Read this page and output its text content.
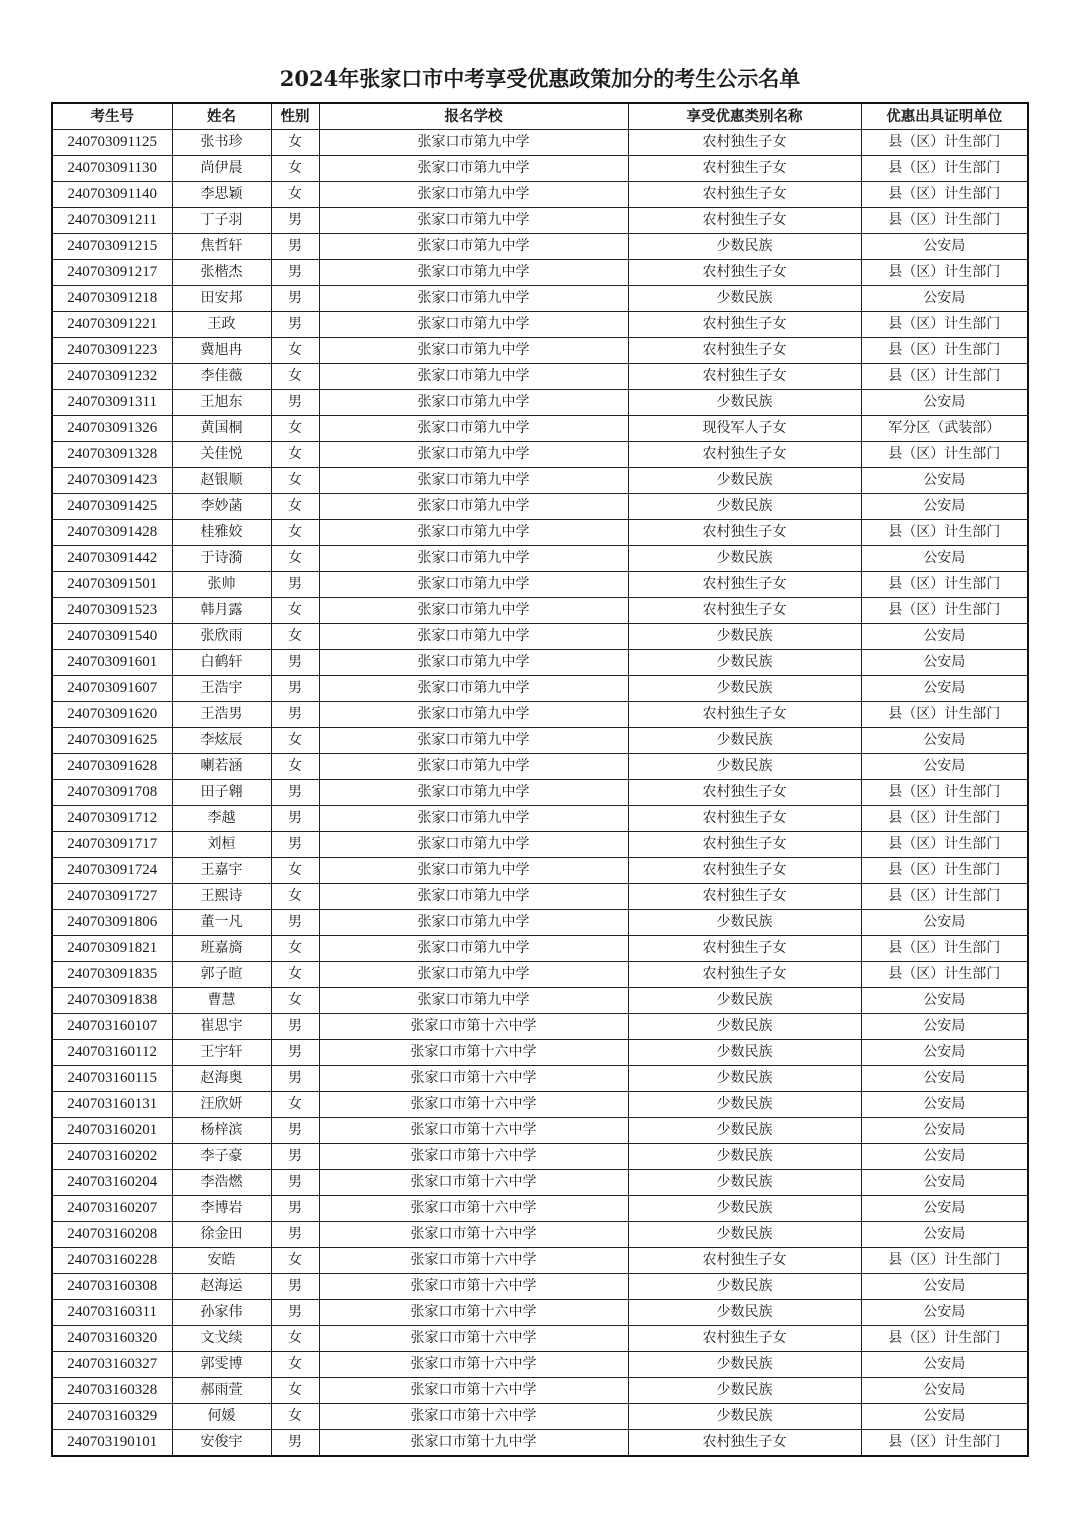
2024年张家口市中考享受优惠政策加分的考生公示名单
考生号	姓名	性别	报名学校	享受优惠类别名称	优惠出具证明单位
240703091125	张书珍	女	张家口市第九中学	农村独生子女	县（区）计生部门
240703091130	尚伊晨	女	张家口市第九中学	农村独生子女	县（区）计生部门
240703091140	李思颖	女	张家口市第九中学	农村独生子女	县（区）计生部门
240703091211	丁子羽	男	张家口市第九中学	农村独生子女	县（区）计生部门
240703091215	焦哲轩	男	张家口市第九中学	少数民族	公安局
240703091217	张楷杰	男	张家口市第九中学	农村独生子女	县（区）计生部门
240703091218	田安邦	男	张家口市第九中学	少数民族	公安局
240703091221	王政	男	张家口市第九中学	农村独生子女	县（区）计生部门
240703091223	冀旭冉	女	张家口市第九中学	农村独生子女	县（区）计生部门
240703091232	李佳薇	女	张家口市第九中学	农村独生子女	县（区）计生部门
240703091311	王旭东	男	张家口市第九中学	少数民族	公安局
240703091326	黄国桐	女	张家口市第九中学	现役军人子女	军分区（武装部）
240703091328	关佳悦	女	张家口市第九中学	农村独生子女	县（区）计生部门
240703091423	赵银顺	女	张家口市第九中学	少数民族	公安局
240703091425	李妙菡	女	张家口市第九中学	少数民族	公安局
240703091428	桂雅姣	女	张家口市第九中学	农村独生子女	县（区）计生部门
240703091442	于诗漪	女	张家口市第九中学	少数民族	公安局
240703091501	张帅	男	张家口市第九中学	农村独生子女	县（区）计生部门
240703091523	韩月露	女	张家口市第九中学	农村独生子女	县（区）计生部门
240703091540	张欣雨	女	张家口市第九中学	少数民族	公安局
240703091601	白鹤轩	男	张家口市第九中学	少数民族	公安局
240703091607	王浩宇	男	张家口市第九中学	少数民族	公安局
240703091620	王浩男	男	张家口市第九中学	农村独生子女	县（区）计生部门
240703091625	李炫辰	女	张家口市第九中学	少数民族	公安局
240703091628	喇若涵	女	张家口市第九中学	少数民族	公安局
240703091708	田子翱	男	张家口市第九中学	农村独生子女	县（区）计生部门
240703091712	李越	男	张家口市第九中学	农村独生子女	县（区）计生部门
240703091717	刘桓	男	张家口市第九中学	农村独生子女	县（区）计生部门
240703091724	王嘉宇	女	张家口市第九中学	农村独生子女	县（区）计生部门
240703091727	王熙诗	女	张家口市第九中学	农村独生子女	县（区）计生部门
240703091806	董一凡	男	张家口市第九中学	少数民族	公安局
240703091821	班嘉旖	女	张家口市第九中学	农村独生子女	县（区）计生部门
240703091835	郭子暄	女	张家口市第九中学	农村独生子女	县（区）计生部门
240703091838	曹慧	女	张家口市第九中学	少数民族	公安局
240703160107	崔思宇	男	张家口市第十六中学	少数民族	公安局
240703160112	王宇轩	男	张家口市第十六中学	少数民族	公安局
240703160115	赵海奥	男	张家口市第十六中学	少数民族	公安局
240703160131	汪欣妍	女	张家口市第十六中学	少数民族	公安局
240703160201	杨梓滨	男	张家口市第十六中学	少数民族	公安局
240703160202	李子豪	男	张家口市第十六中学	少数民族	公安局
240703160204	李浩燃	男	张家口市第十六中学	少数民族	公安局
240703160207	李博岩	男	张家口市第十六中学	少数民族	公安局
240703160208	徐金田	男	张家口市第十六中学	少数民族	公安局
240703160228	安皓	女	张家口市第十六中学	农村独生子女	县（区）计生部门
240703160308	赵海运	男	张家口市第十六中学	少数民族	公安局
240703160311	孙家伟	男	张家口市第十六中学	少数民族	公安局
240703160320	文戈续	女	张家口市第十六中学	农村独生子女	县（区）计生部门
240703160327	郭雯博	女	张家口市第十六中学	少数民族	公安局
240703160328	郝雨萱	女	张家口市第十六中学	少数民族	公安局
240703160329	何媛	女	张家口市第十六中学	少数民族	公安局
240703190101	安俊宇	男	张家口市第十九中学	农村独生子女	县（区）计生部门
